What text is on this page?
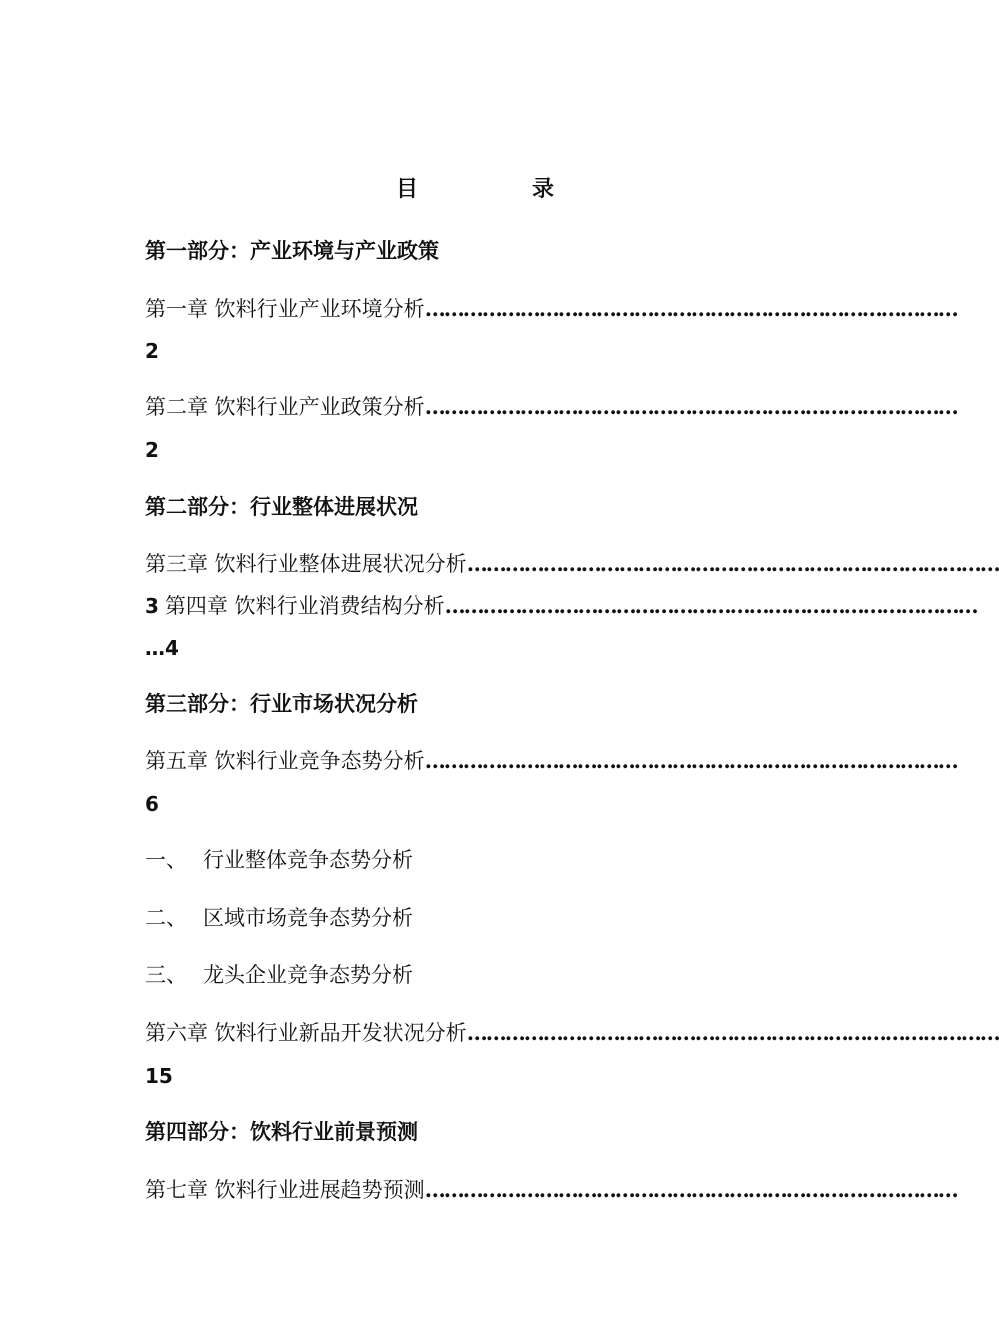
目　录
第一部分：产业环境与产业政策
第一章 饮料行业产业环境分析 …………………………………………………………………………
2
第二章 饮料行业产业政策分析 …………………………………………………………………………
2
第二部分：行业整体进展状况
第三章 饮料行业整体进展状况分析 …………………………………………………………………………
3 第四章 饮料行业消费结构分析 …………………………………………………………………………
…4
第三部分：行业市场状况分析
第五章 饮料行业竞争态势分析 …………………………………………………………………………
6
一、 行业整体竞争态势分析
二、 区域市场竞争态势分析
三、 龙头企业竞争态势分析
第六章 饮料行业新品开发状况分析 …………………………………………………………………………
15
第四部分：饮料行业前景预测
第七章 饮料行业进展趋势预测 …………………………………………………………………………
